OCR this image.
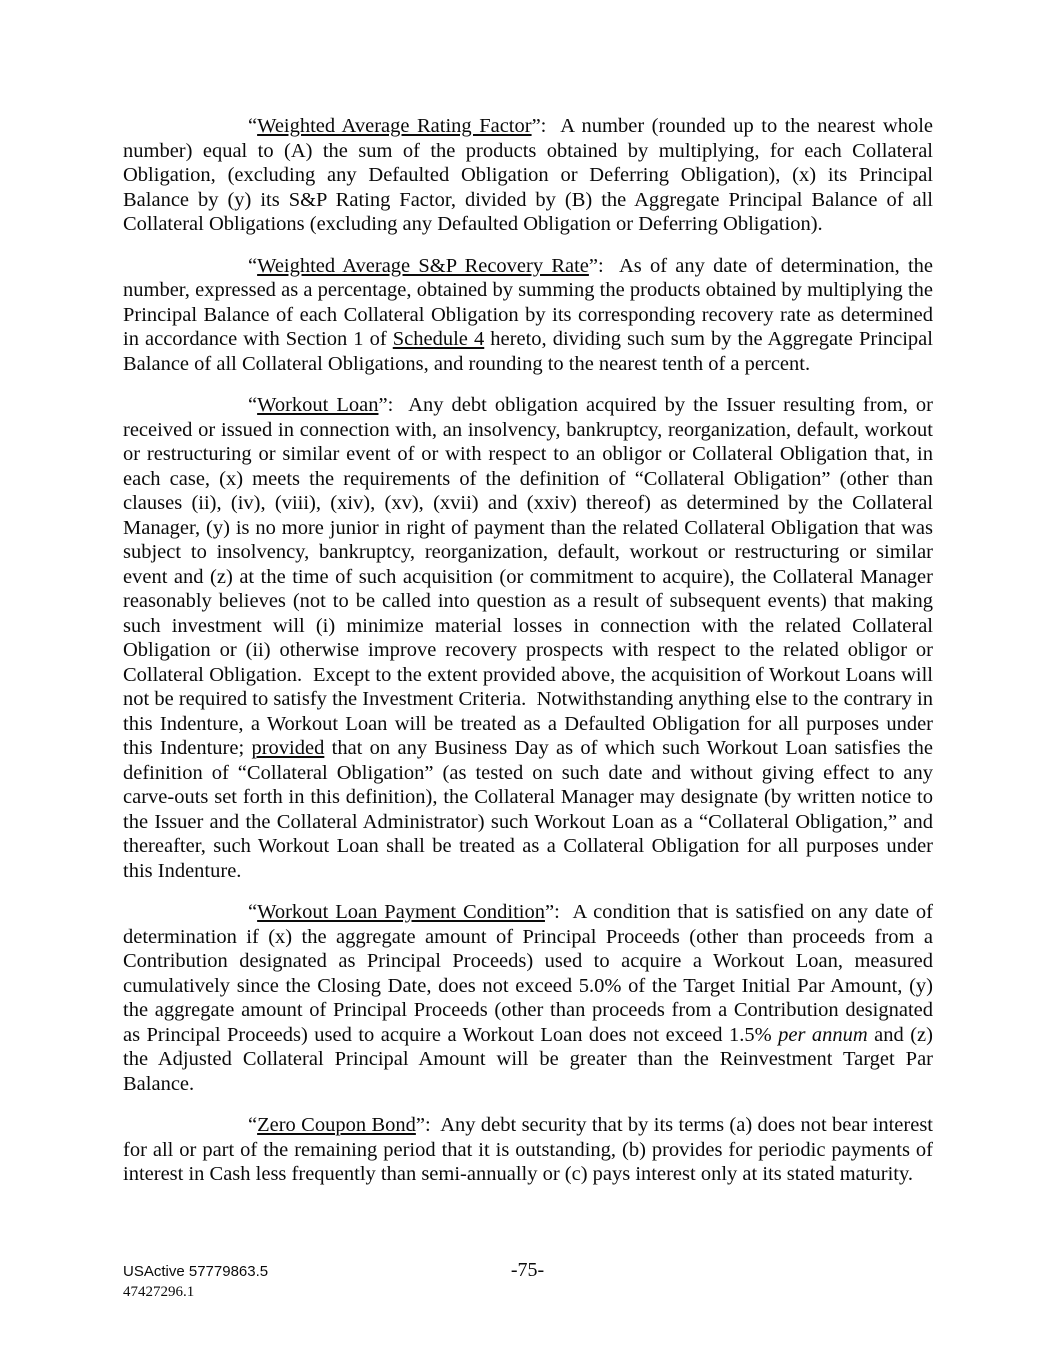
“Weighted Average Rating Factor”:  A number (rounded up to the nearest whole number) equal to (A) the sum of the products obtained by multiplying, for each Collateral Obligation, (excluding any Defaulted Obligation or Deferring Obligation), (x) its Principal Balance by (y) its S&P Rating Factor, divided by (B) the Aggregate Principal Balance of all Collateral Obligations (excluding any Defaulted Obligation or Deferring Obligation).

“Weighted Average S&P Recovery Rate”:  As of any date of determination, the number, expressed as a percentage, obtained by summing the products obtained by multiplying the Principal Balance of each Collateral Obligation by its corresponding recovery rate as determined in accordance with Section 1 of Schedule 4 hereto, dividing such sum by the Aggregate Principal Balance of all Collateral Obligations, and rounding to the nearest tenth of a percent.

“Workout Loan”:  Any debt obligation acquired by the Issuer resulting from, or received or issued in connection with, an insolvency, bankruptcy, reorganization, default, workout or restructuring or similar event of or with respect to an obligor or Collateral Obligation that, in each case, (x) meets the requirements of the definition of “Collateral Obligation” (other than clauses (ii), (iv), (viii), (xiv), (xv), (xvii) and (xxiv) thereof) as determined by the Collateral Manager, (y) is no more junior in right of payment than the related Collateral Obligation that was subject to insolvency, bankruptcy, reorganization, default, workout or restructuring or similar event and (z) at the time of such acquisition (or commitment to acquire), the Collateral Manager reasonably believes (not to be called into question as a result of subsequent events) that making such investment will (i) minimize material losses in connection with the related Collateral Obligation or (ii) otherwise improve recovery prospects with respect to the related obligor or Collateral Obligation.  Except to the extent provided above, the acquisition of Workout Loans will not be required to satisfy the Investment Criteria.  Notwithstanding anything else to the contrary in this Indenture, a Workout Loan will be treated as a Defaulted Obligation for all purposes under this Indenture; provided that on any Business Day as of which such Workout Loan satisfies the definition of “Collateral Obligation” (as tested on such date and without giving effect to any carve-outs set forth in this definition), the Collateral Manager may designate (by written notice to the Issuer and the Collateral Administrator) such Workout Loan as a “Collateral Obligation,” and thereafter, such Workout Loan shall be treated as a Collateral Obligation for all purposes under this Indenture.

“Workout Loan Payment Condition”:  A condition that is satisfied on any date of determination if (x) the aggregate amount of Principal Proceeds (other than proceeds from a Contribution designated as Principal Proceeds) used to acquire a Workout Loan, measured cumulatively since the Closing Date, does not exceed 5.0% of the Target Initial Par Amount, (y) the aggregate amount of Principal Proceeds (other than proceeds from a Contribution designated as Principal Proceeds) used to acquire a Workout Loan does not exceed 1.5% per annum and (z) the Adjusted Collateral Principal Amount will be greater than the Reinvestment Target Par Balance.

“Zero Coupon Bond”:  Any debt security that by its terms (a) does not bear interest for all or part of the remaining period that it is outstanding, (b) provides for periodic payments of interest in Cash less frequently than semi-annually or (c) pays interest only at its stated maturity.

USActive 57779863.5
47427296.1
-75-
